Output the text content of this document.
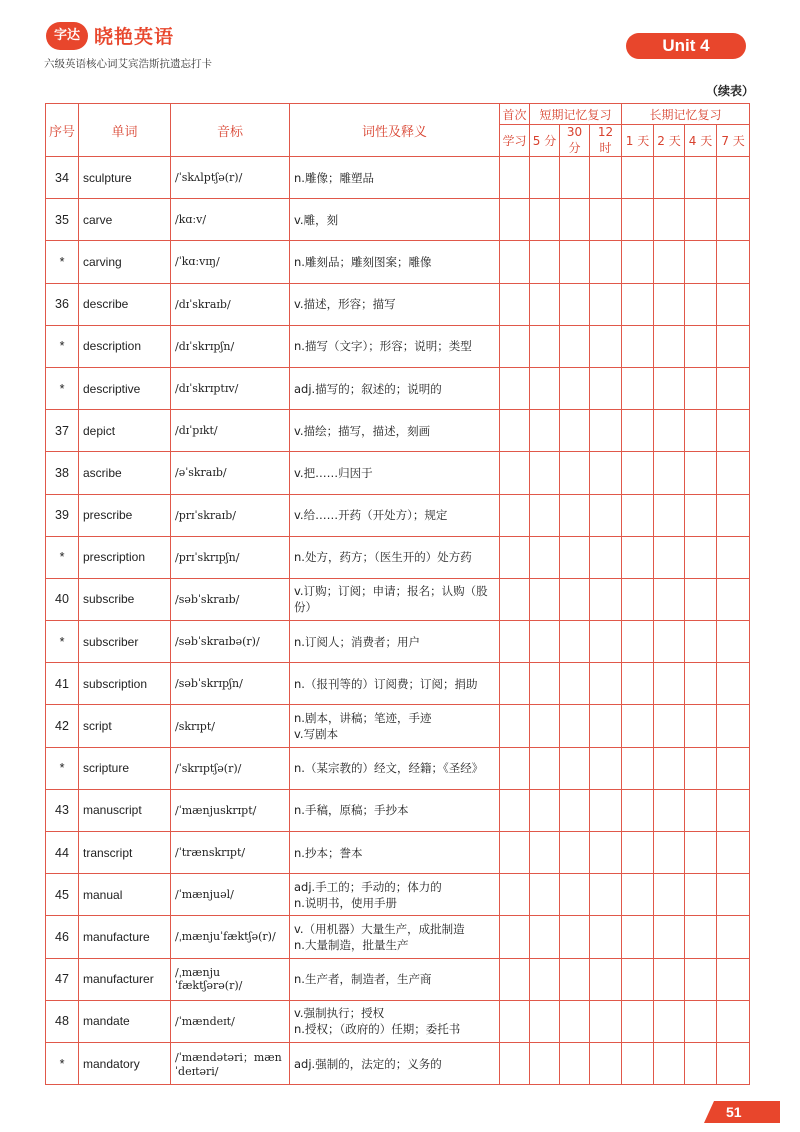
字达 晓艳英语
六级英语核心词艾宾浩斯抗遗忘打卡
Unit 4
（续表）
序号	单词	音标	词性及释义	首次	短期记忆复习			长期记忆复习			
				学习	5 分	30 分	12 时	1 天	2 天	4 天	7 天
34	sculpture	/ˈskʌlptʃə(r)/	n.雕像；雕塑品								

35	carve	/kɑːv/	v.雕，刻								

*	carving	/ˈkɑːvɪŋ/	n.雕刻品；雕刻图案；雕像								

36	describe	/dɪˈskraɪb/	v.描述，形容；描写								

*	description	/dɪˈskrɪpʃn/	n.描写（文字）；形容；说明；类型								

*	descriptive	/dɪˈskrɪptɪv/	adj.描写的；叙述的；说明的								

37	depict	/dɪˈpɪkt/	v.描绘；描写，描述，刻画								

38	ascribe	/əˈskraɪb/	v.把……归因于								

39	prescribe	/prɪˈskraɪb/	v.给……开药（开处方）；规定								

*	prescription	/prɪˈskrɪpʃn/	n.处方，药方；（医生开的）处方药								

40	subscribe	/səbˈskraɪb/	v.订购；订阅；申请；报名；认购（股
份）								

*	subscriber	/səbˈskraɪbə(r)/	n.订阅人；消费者；用户								

41	subscription	/səbˈskrɪpʃn/	n.（报刊等的）订阅费；订阅；捐助								

42	script	/skrɪpt/	n.剧本，讲稿；笔迹，手迹
v.写剧本								

*	scripture	/ˈskrɪptʃə(r)/	n.（某宗教的）经文，经籍；《圣经》								

43	manuscript	/ˈmænjuskrɪpt/	n.手稿，原稿；手抄本								

44	transcript	/ˈtrænskrɪpt/	n.抄本；誊本								

45	manual	/ˈmænjuəl/	adj.手工的；手动的；体力的
n.说明书，使用手册								

46	manufacture	/ˌmænjuˈfæktʃə(r)/	v.（用机器）大量生产，成批制造
n.大量制造，批量生产								

47	manufacturer	/ˌmænjuˈfæktʃərə(r)/	n.生产者，制造者，生产商								

48	mandate	/ˈmændeɪt/	v.强制执行；授权
n.授权；（政府的）任期；委托书								

*	mandatory	/ˈmændətəri；mænˈdeɪtəri/	adj.强制的，法定的；义务的								

51
